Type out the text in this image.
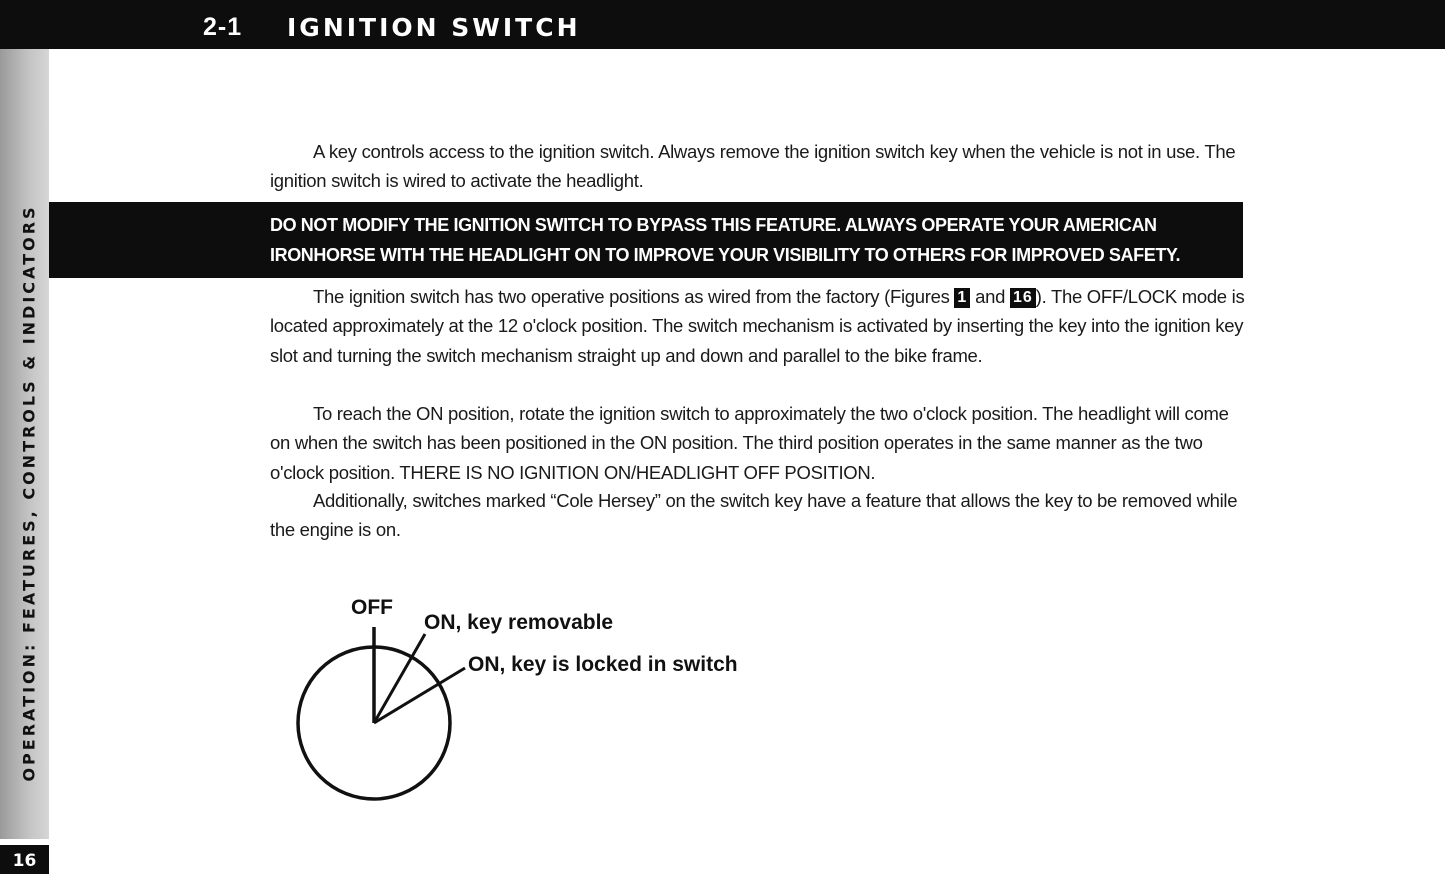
2-1 IGNITION SWITCH
OPERATION: FEATURES, CONTROLS & INDICATORS
16

A key controls access to the ignition switch. Always remove the ignition switch key when the vehicle is not in use. The ignition switch is wired to activate the headlight.

DO NOT MODIFY THE IGNITION SWITCH TO BYPASS THIS FEATURE. ALWAYS OPERATE YOUR AMERICAN IRONHORSE WITH THE HEADLIGHT ON TO IMPROVE YOUR VISIBILITY TO OTHERS FOR IMPROVED SAFETY.

The ignition switch has two operative positions as wired from the factory (Figures 1 and 16 ). The OFF/LOCK mode is located approximately at the 12 o'clock position. The switch mechanism is activated by inserting the key into the ignition key slot and turning the switch mechanism straight up and down and parallel to the bike frame.

To reach the ON position, rotate the ignition switch to approximately the two o'clock position. The headlight will come on when the switch has been positioned in the ON position. The third position operates in the same manner as the two o'clock position. THERE IS NO IGNITION ON/HEADLIGHT OFF POSITION.

Additionally, switches marked “Cole Hersey” on the switch key have a feature that allows the key to be removed while the engine is on.

OFF
ON, key removable
ON, key is locked in switch
